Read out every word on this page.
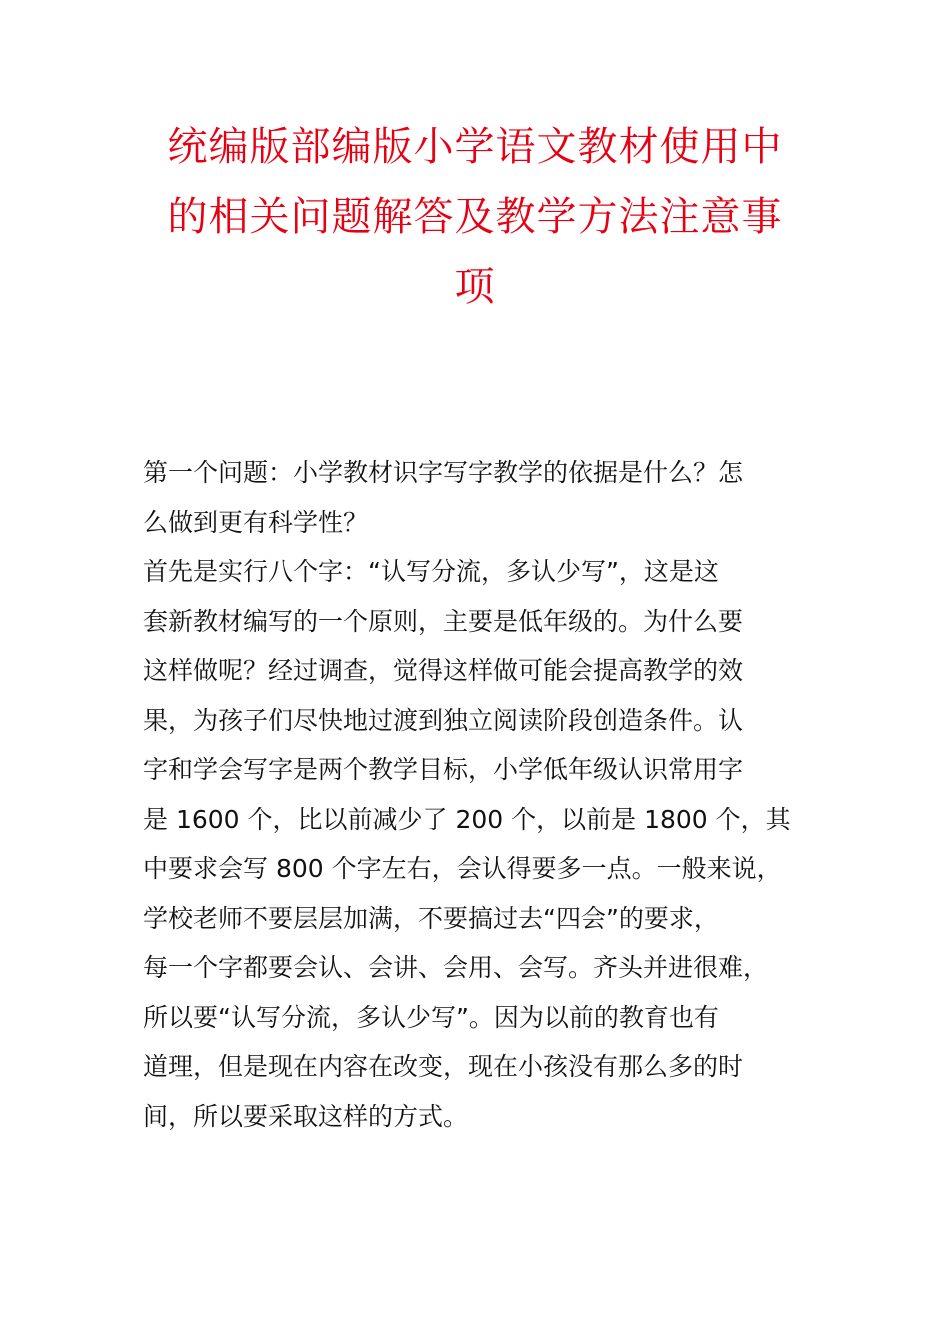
统编版部编版小学语文教材使用中
的相关问题解答及教学方法注意事
项
第一个问题：小学教材识字写字教学的依据是什么？怎
么做到更有科学性？
首先是实行八个字：“认写分流，多认少写”，这是这
套新教材编写的一个原则，主要是低年级的。为什么要
这样做呢？经过调查，觉得这样做可能会提高教学的效
果，为孩子们尽快地过渡到独立阅读阶段创造条件。认
字和学会写字是两个教学目标，小学低年级认识常用字
是 1600 个，比以前减少了 200 个，以前是 1800 个，其
中要求会写 800 个字左右，会认得要多一点。一般来说，
学校老师不要层层加满，不要搞过去“四会”的要求，
每一个字都要会认、会讲、会用、会写。齐头并进很难，
所以要“认写分流，多认少写”。因为以前的教育也有
道理，但是现在内容在改变，现在小孩没有那么多的时
间，所以要采取这样的方式。
